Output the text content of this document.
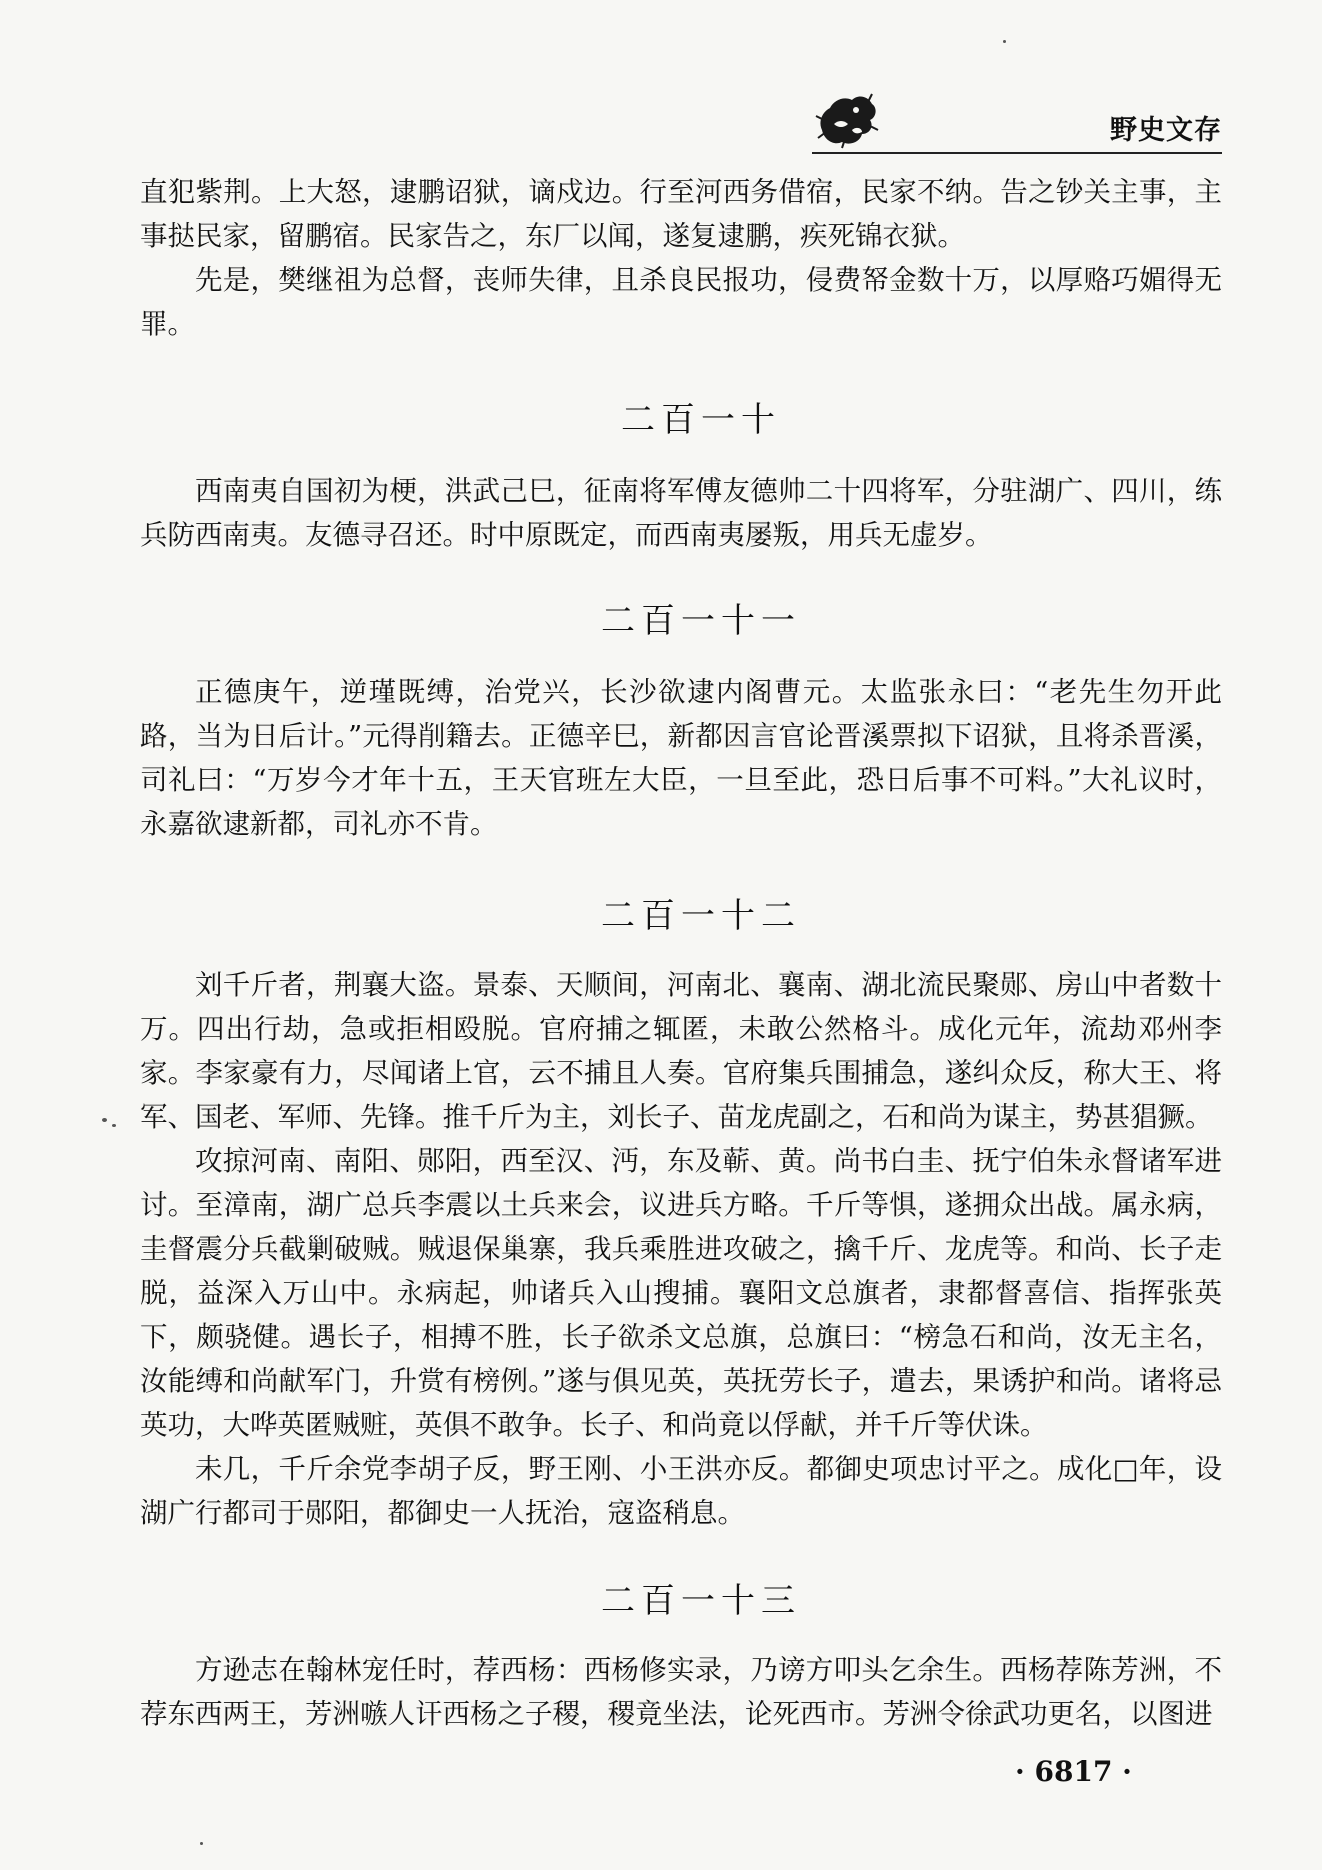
野史文存

直犯紫荆。上大怒，逮鹏诏狱，谪戍边。行至河西务借宿，民家不纳。告之钞关主事，主事挞民家，留鹏宿。民家告之，东厂以闻，遂复逮鹏，疾死锦衣狱。

先是，樊继祖为总督，丧师失律，且杀良民报功，侵费帑金数十万，以厚赂巧媚得无罪。

二百一十

西南夷自国初为梗，洪武己巳，征南将军傅友德帅二十四将军，分驻湖广、四川，练兵防西南夷。友德寻召还。时中原既定，而西南夷屡叛，用兵无虚岁。

二百一十一

正德庚午，逆瑾既缚，治党兴，长沙欲逮内阁曹元。太监张永曰：“老先生勿开此路，当为日后计。”元得削籍去。正德辛巳，新都因言官论晋溪票拟下诏狱，且将杀晋溪，司礼曰：“万岁今才年十五，王天官班左大臣，一旦至此，恐日后事不可料。”大礼议时，永嘉欲逮新都，司礼亦不肯。

二百一十二

刘千斤者，荆襄大盗。景泰、天顺间，河南北、襄南、湖北流民聚郧、房山中者数十万。四出行劫，急或拒相殴脱。官府捕之辄匿，未敢公然格斗。成化元年，流劫邓州李家。李家豪有力，尽闻诸上官，云不捕且人奏。官府集兵围捕急，遂纠众反，称大王、将军、国老、军师、先锋。推千斤为主，刘长子、苗龙虎副之，石和尚为谋主，势甚猖獗。

攻掠河南、南阳、郧阳，西至汉、沔，东及蕲、黄。尚书白圭、抚宁伯朱永督诸军进讨。至漳南，湖广总兵李震以土兵来会，议进兵方略。千斤等惧，遂拥众出战。属永病，圭督震分兵截剿破贼。贼退保巢寨，我兵乘胜进攻破之，擒千斤、龙虎等。和尚、长子走脱，益深入万山中。永病起，帅诸兵入山搜捕。襄阳文总旗者，隶都督喜信、指挥张英下，颇骁健。遇长子，相搏不胜，长子欲杀文总旗，总旗曰：“榜急石和尚，汝无主名，汝能缚和尚献军门，升赏有榜例。”遂与俱见英，英抚劳长子，遣去，果诱护和尚。诸将忌英功，大哗英匿贼赃，英俱不敢争。长子、和尚竟以俘献，并千斤等伏诛。

未几，千斤余党李胡子反，野王刚、小王洪亦反。都御史项忠讨平之。成化□年，设湖广行都司于郧阳，都御史一人抚治，寇盗稍息。

二百一十三

方逊志在翰林宠任时，荐西杨：西杨修实录，乃谤方叩头乞余生。西杨荐陈芳洲，不荐东西两王，芳洲嗾人讦西杨之子稷，稷竟坐法，论死西市。芳洲令徐武功更名，以图进

· 6817 ·
